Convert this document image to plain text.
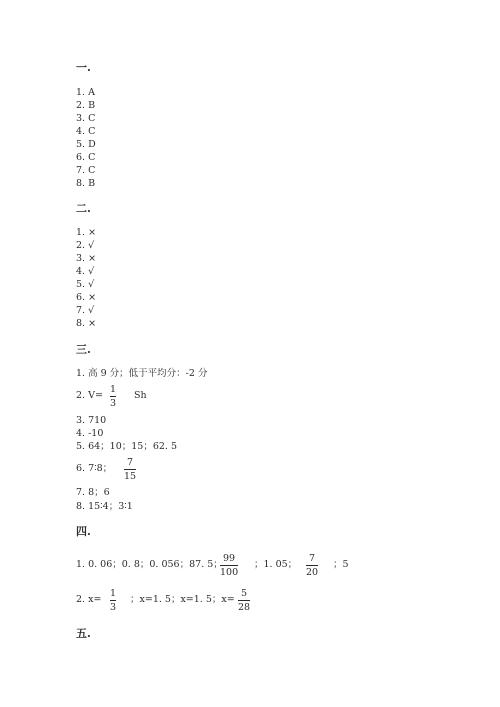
一.
1. A
2. B
3. C
4. C
5. D
6. C
7. C
8. B
二.
1. ×
2. √
3. ×
4. √
5. √
6. ×
7. √
8. ×
三.
1. 高 9 分；低于平均分：-2 分
2. V=
1
3
Sh
3. 710
4. -10
5. 64；10；15；62. 5
6. 7∶8；
7
15
7. 8；6
8. 15∶4；3∶1
四.
1. 0. 06；0. 8；0. 056；87. 5；
99
100
；1. 05；
7
20
；5
2. x=
1
3
；x=1. 5；x=1. 5；x=
5
28
五.
